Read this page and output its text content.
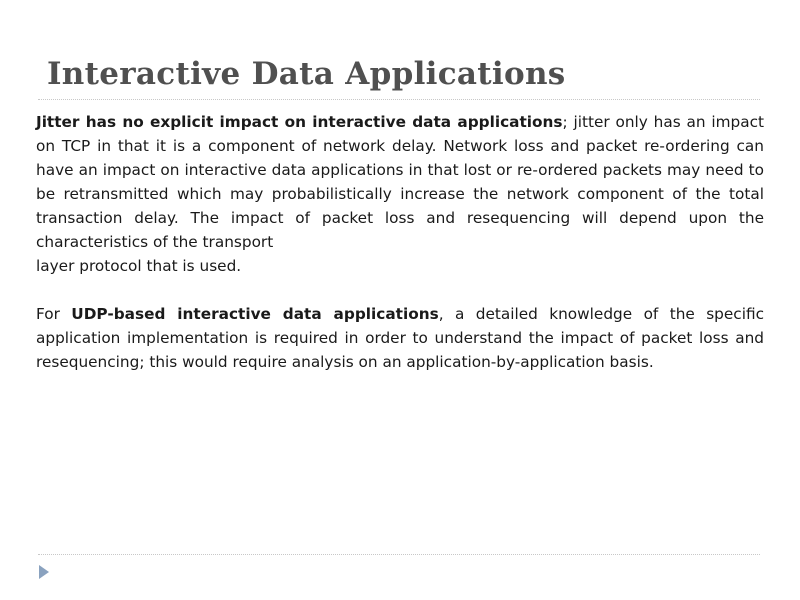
Interactive Data Applications

Jitter has no explicit impact on interactive data applications; jitter only has an impact on TCP in that it is a component of network delay. Network loss and packet re-ordering can have an impact on interactive data applications in that lost or re-ordered packets may need to be retransmitted which may probabilistically increase the network component of the total transaction delay. The impact of packet loss and resequencing will depend upon the characteristics of the transport
layer protocol that is used.

For UDP-based interactive data applications, a detailed knowledge of the specific application implementation is required in order to understand the impact of packet loss and resequencing; this would require analysis on an application-by-application basis.
